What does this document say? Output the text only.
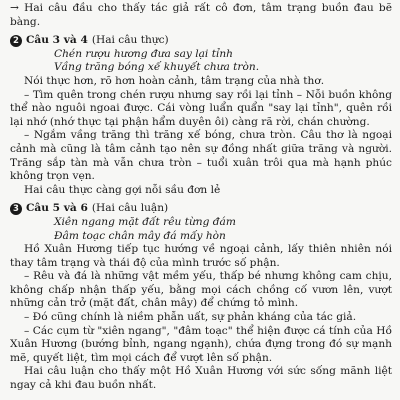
→ Hai câu đầu cho thấy tác giả rất cô đơn, tâm trạng buồn đau bẽ bàng.

2 Câu 3 và 4 (Hai câu thực)

Chén rượu hương đưa say lại tỉnh

Vầng trăng bóng xế khuyết chưa tròn.

Nói thực hơn, rõ hơn hoàn cảnh, tâm trạng của nhà thơ.

– Tìm quên trong chén rượu nhưng say rồi lại tỉnh – Nỗi buồn không thể nào nguôi ngoai được. Cái vòng luẩn quẩn "say lại tỉnh", quên rồi lại nhớ (nhớ thực tại phận hẩm duyên ôi) càng rã rời, chán chường.

– Ngắm vầng trăng thì trăng xế bóng, chưa tròn. Câu thơ là ngoại cảnh mà cũng là tâm cảnh tạo nên sự đồng nhất giữa trăng và người. Trăng sắp tàn mà vẫn chưa tròn – tuổi xuân trôi qua mà hạnh phúc không trọn vẹn.

Hai câu thực càng gợi nỗi sầu đơn lẻ

3 Câu 5 và 6 (Hai câu luận)

Xiên ngang mặt đất rêu từng đám

Đâm toạc chân mây đá mấy hòn

Hồ Xuân Hương tiếp tục hướng về ngoại cảnh, lấy thiên nhiên nói thay tâm trạng và thái độ của mình trước số phận.

– Rêu và đá là những vật mềm yếu, thấp bé nhưng không cam chịu, không chấp nhận thấp yếu, bằng mọi cách chồng cố vươn lên, vượt những cản trở (mặt đất, chân mây) để chứng tỏ mình.

– Đó cũng chính là niềm phẫn uất, sự phản kháng của tác giả.

– Các cụm từ "xiên ngang", "đâm toạc" thể hiện được cá tính của Hồ Xuân Hương (bướng bỉnh, ngang ngạnh), chứa đựng trong đó sự mạnh mẽ, quyết liệt, tìm mọi cách để vượt lên số phận.

Hai câu luận cho thấy một Hồ Xuân Hương với sức sống mãnh liệt ngay cả khi đau buồn nhất.
